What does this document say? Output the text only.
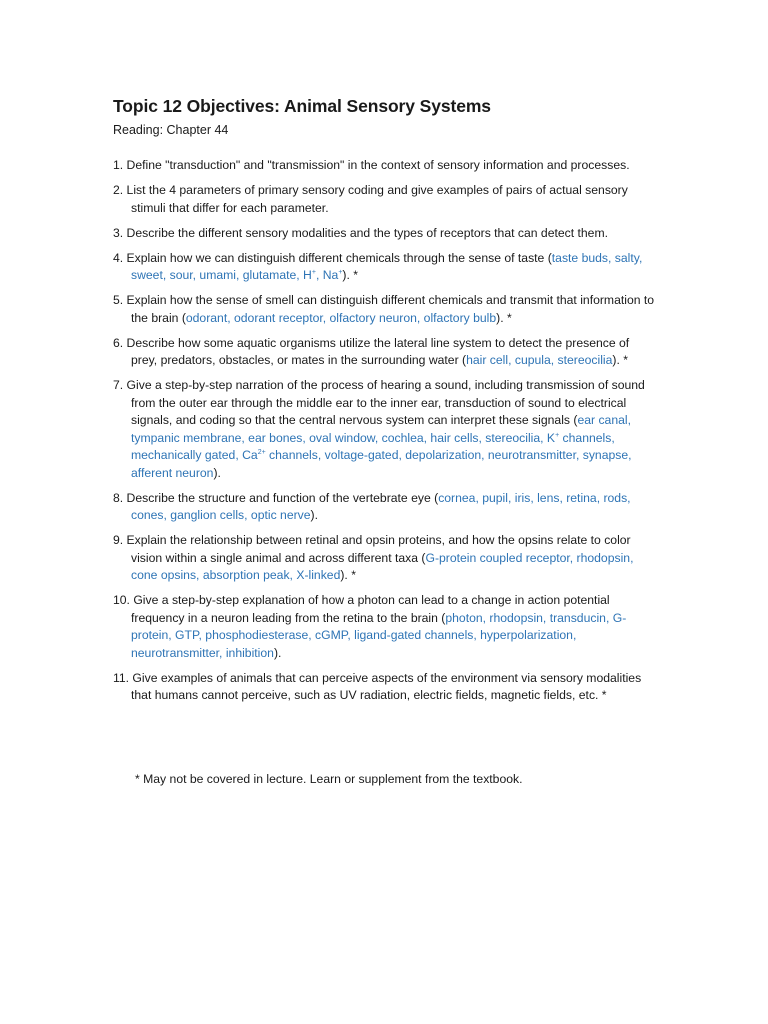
Topic 12 Objectives: Animal Sensory Systems
Reading: Chapter 44

1. Define "transduction" and "transmission" in the context of sensory information and processes.

2. List the 4 parameters of primary sensory coding and give examples of pairs of actual sensory stimuli that differ for each parameter.

3. Describe the different sensory modalities and the types of receptors that can detect them.

4. Explain how we can distinguish different chemicals through the sense of taste (taste buds, salty, sweet, sour, umami, glutamate, H+, Na+). *

5. Explain how the sense of smell can distinguish different chemicals and transmit that information to the brain (odorant, odorant receptor, olfactory neuron, olfactory bulb). *

6. Describe how some aquatic organisms utilize the lateral line system to detect the presence of prey, predators, obstacles, or mates in the surrounding water (hair cell, cupula, stereocilia). *

7. Give a step-by-step narration of the process of hearing a sound, including transmission of sound from the outer ear through the middle ear to the inner ear, transduction of sound to electrical signals, and coding so that the central nervous system can interpret these signals (ear canal, tympanic membrane, ear bones, oval window, cochlea, hair cells, stereocilia, K+ channels, mechanically gated, $Ca^{2+}$ channels, voltage-gated, depolarization, neurotransmitter, synapse, afferent neuron).

8. Describe the structure and function of the vertebrate eye (cornea, pupil, iris, lens, retina, rods, cones, ganglion cells, optic nerve).

9. Explain the relationship between retinal and opsin proteins, and how the opsins relate to color vision within a single animal and across different taxa (G-protein coupled receptor, rhodopsin, cone opsins, absorption peak, X-linked). *

10. Give a step-by-step explanation of how a photon can lead to a change in action potential frequency in a neuron leading from the retina to the brain (photon, rhodopsin, transducin, G-protein, GTP, phosphodiesterase, cGMP, ligand-gated channels, hyperpolarization, neurotransmitter, inhibition).

11. Give examples of animals that can perceive aspects of the environment via sensory modalities that humans cannot perceive, such as UV radiation, electric fields, magnetic fields, etc. *

* May not be covered in lecture. Learn or supplement from the textbook.
